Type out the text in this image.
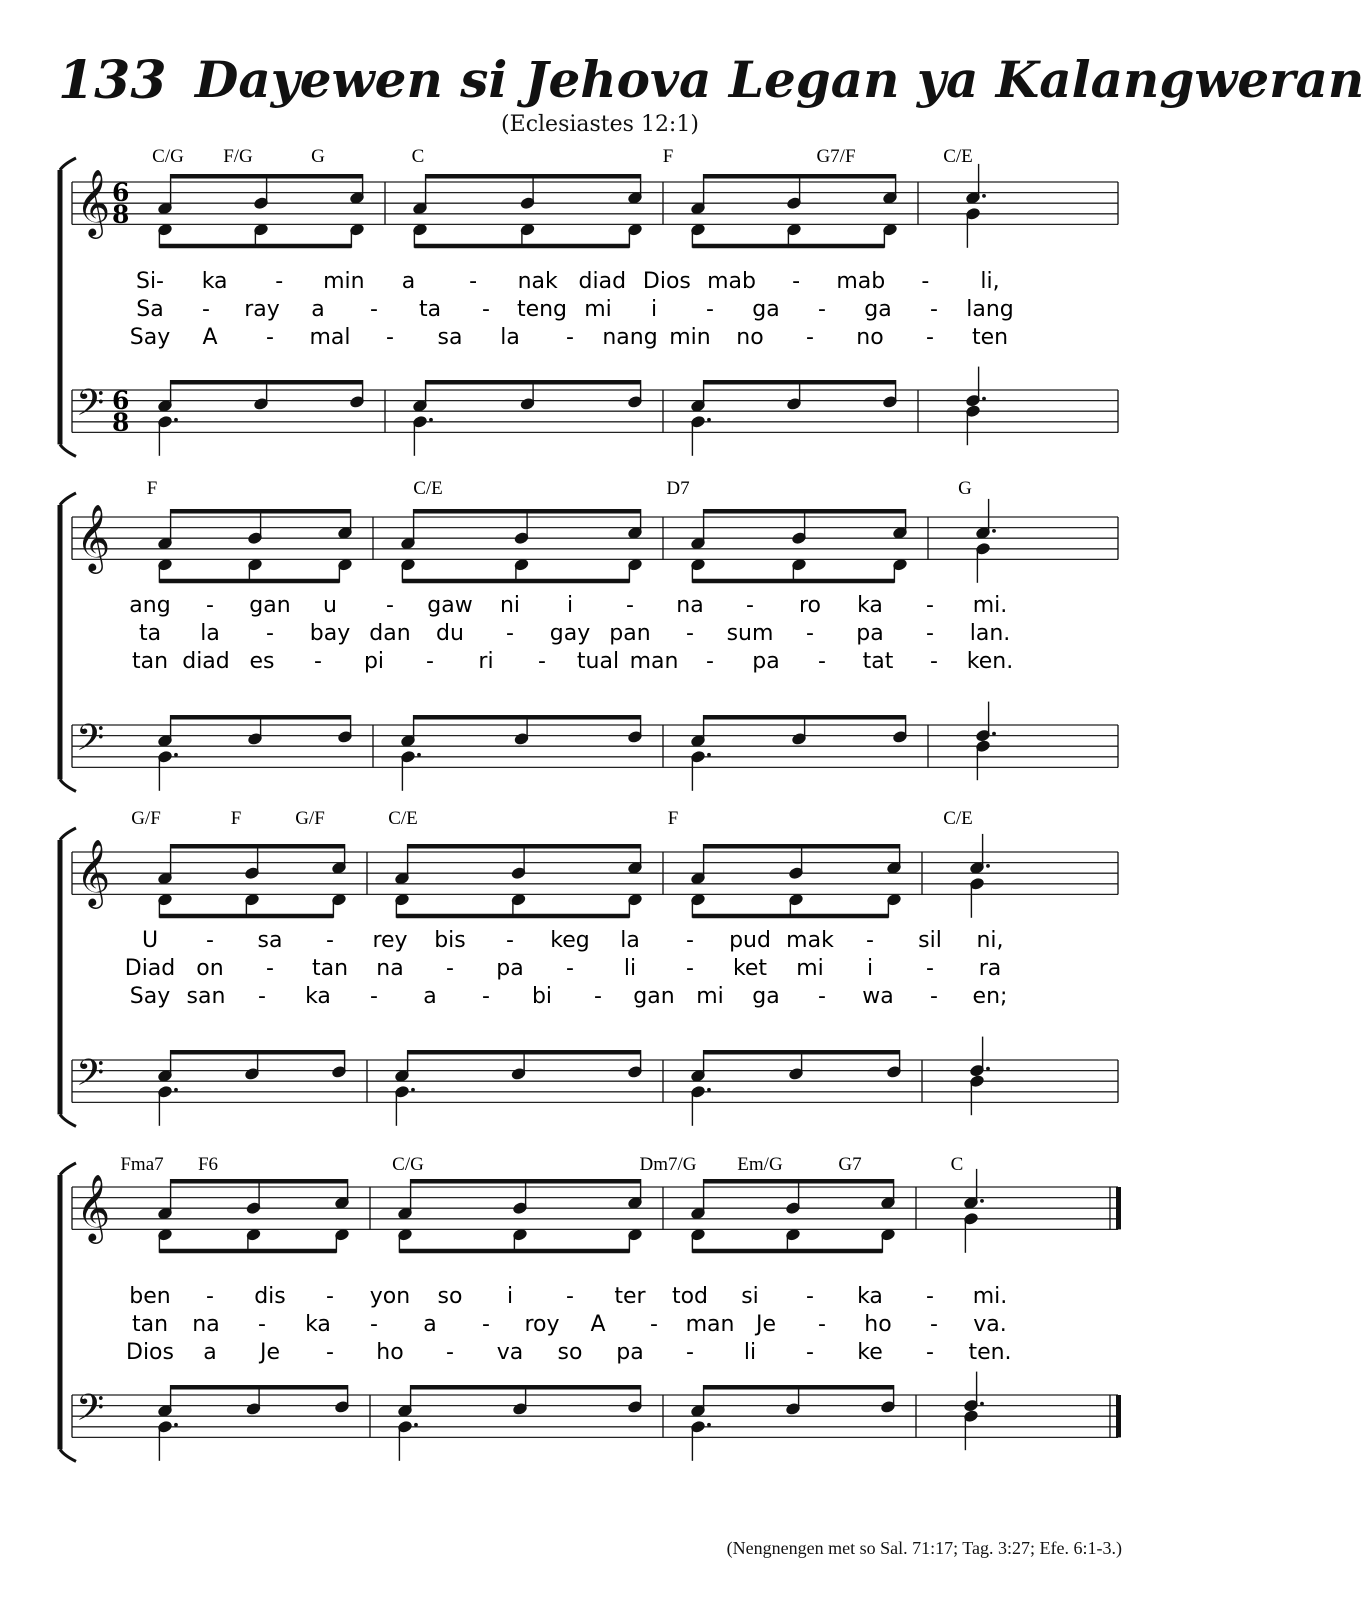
133 Dayewen si Jehova Legan ya Kalangweran
(Eclesiastes 12:1)
𝄞
𝄢
6
8
6
8
C/G F/G	G	C	F	G7/F	C/E
Si- ka - min a - nak diad Dios mab - mab - li,
Sa - ray a - ta - teng mi i - ga - ga - lang
Say A - mal - sa la - nang min no - no - ten
𝄞
𝄢
F	C/E	D7	G
ang - gan u - gaw ni i - na - ro ka - mi.
ta la - bay dan du - gay pan - sum - pa - lan.
tan diad es - pi - ri - tual man - pa - tat - ken.
𝄞
𝄢
G/F	F	G/F	C/E	F	C/E
U - sa - rey bis - keg la - pud mak - sil ni,
Diad on - tan na - pa - li - ket mi i - ra
Say san - ka - a - bi - gan mi ga - wa - en;
𝄞
𝄢
Fma7 F6	C/G	Dm7/G Em/G	G7	C
ben - dis - yon so i - ter tod si - ka - mi.
tan na - ka - a - roy A - man Je - ho - va.
Dios a Je - ho - va so pa - li - ke - ten.
(Nengnengen met so Sal. 71:17; Tag. 3:27; Efe. 6:1-3.)
